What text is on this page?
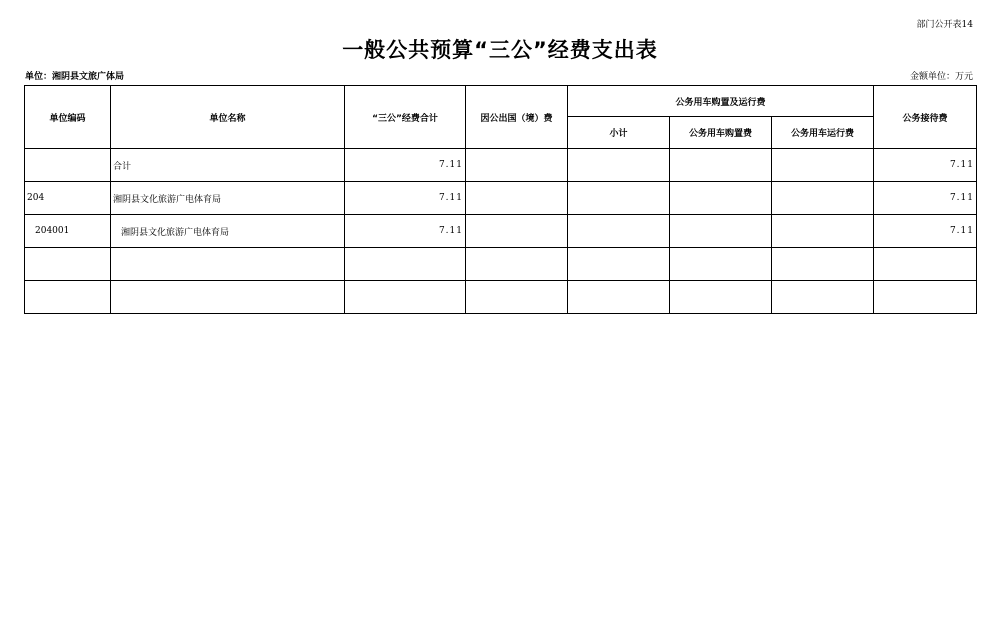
部门公开表14
一般公共预算“三公”经费支出表
单位：湘阴县文旅广体局	金额单位：万元
单位编码	单位名称	“三公”经费合计	因公出国（境）费	公务用车购置及运行费			公务接待费
				小计	公务用车购置费	公务用车运行费	
	合计	7.11					7.11
204	湘阴县文化旅游广电体育局	7.11					7.11
204001	湘阴县文化旅游广电体育局	7.11					7.11
